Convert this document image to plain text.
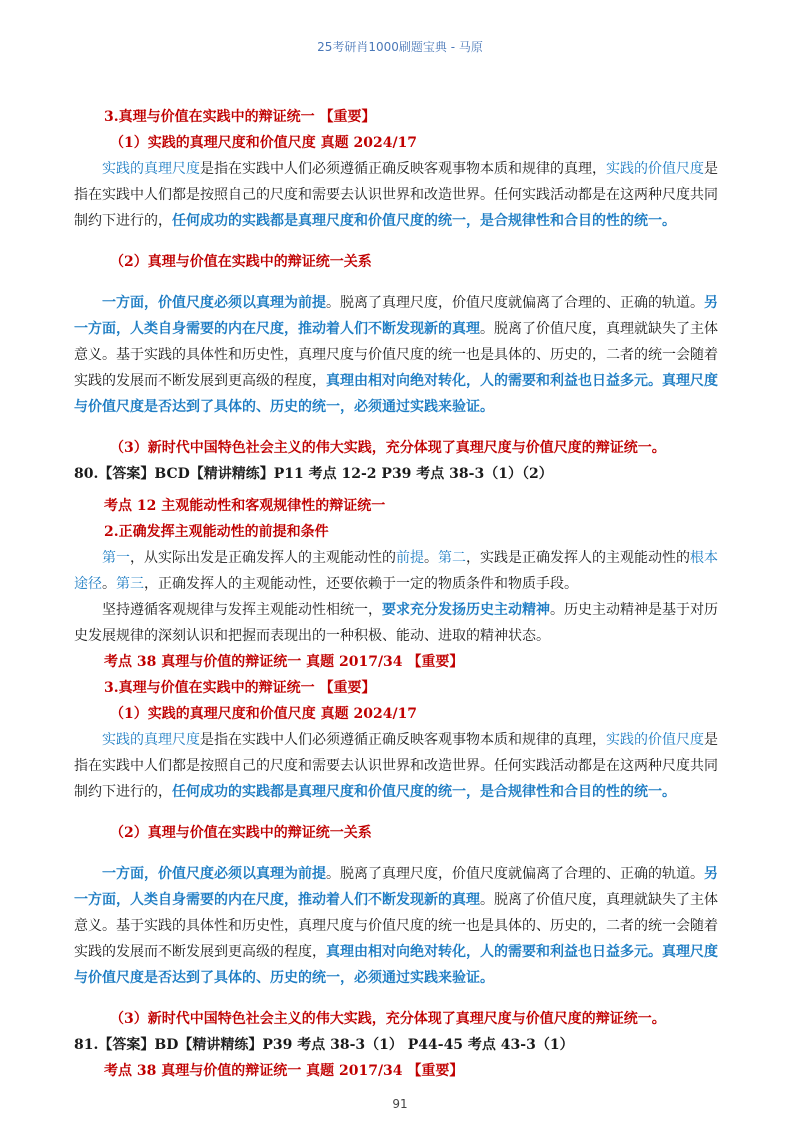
25考研肖1000刷题宝典 - 马原
3.真理与价值在实践中的辩证统一 【重要】
（1）实践的真理尺度和价值尺度 真题 2024/17
实践的真理尺度是指在实践中人们必须遵循正确反映客观事物本质和规律的真理，实践的价值尺度是
指在实践中人们都是按照自己的尺度和需要去认识世界和改造世界。任何实践活动都是在这两种尺度共同
制约下进行的，任何成功的实践都是真理尺度和价值尺度的统一，是合规律性和合目的性的统一。
（2）真理与价值在实践中的辩证统一关系
一方面，价值尺度必须以真理为前提。脱离了真理尺度，价值尺度就偏离了合理的、正确的轨道。另
一方面，人类自身需要的内在尺度，推动着人们不断发现新的真理。脱离了价值尺度，真理就缺失了主体
意义。基于实践的具体性和历史性，真理尺度与价值尺度的统一也是具体的、历史的，二者的统一会随着
实践的发展而不断发展到更高级的程度，真理由相对向绝对转化，人的需要和利益也日益多元。真理尺度
与价值尺度是否达到了具体的、历史的统一，必须通过实践来验证。
（3）新时代中国特色社会主义的伟大实践，充分体现了真理尺度与价值尺度的辩证统一。
80.【答案】BCD【精讲精练】P11 考点 12-2 P39 考点 38-3（1）（2）
考点 12 主观能动性和客观规律性的辩证统一
2.正确发挥主观能动性的前提和条件
第一，从实际出发是正确发挥人的主观能动性的前提。第二，实践是正确发挥人的主观能动性的根本
途径。第三，正确发挥人的主观能动性，还要依赖于一定的物质条件和物质手段。
坚持遵循客观规律与发挥主观能动性相统一，要求充分发扬历史主动精神。历史主动精神是基于对历
史发展规律的深刻认识和把握而表现出的一种积极、能动、进取的精神状态。
考点 38 真理与价值的辩证统一 真题 2017/34 【重要】
3.真理与价值在实践中的辩证统一 【重要】
（1）实践的真理尺度和价值尺度 真题 2024/17
实践的真理尺度是指在实践中人们必须遵循正确反映客观事物本质和规律的真理，实践的价值尺度是
指在实践中人们都是按照自己的尺度和需要去认识世界和改造世界。任何实践活动都是在这两种尺度共同
制约下进行的，任何成功的实践都是真理尺度和价值尺度的统一，是合规律性和合目的性的统一。
（2）真理与价值在实践中的辩证统一关系
一方面，价值尺度必须以真理为前提。脱离了真理尺度，价值尺度就偏离了合理的、正确的轨道。另
一方面，人类自身需要的内在尺度，推动着人们不断发现新的真理。脱离了价值尺度，真理就缺失了主体
意义。基于实践的具体性和历史性，真理尺度与价值尺度的统一也是具体的、历史的，二者的统一会随着
实践的发展而不断发展到更高级的程度，真理由相对向绝对转化，人的需要和利益也日益多元。真理尺度
与价值尺度是否达到了具体的、历史的统一，必须通过实践来验证。
（3）新时代中国特色社会主义的伟大实践，充分体现了真理尺度与价值尺度的辩证统一。
81.【答案】BD【精讲精练】P39 考点 38-3（1） P44-45 考点 43-3（1）
考点 38 真理与价值的辩证统一 真题 2017/34 【重要】
91
